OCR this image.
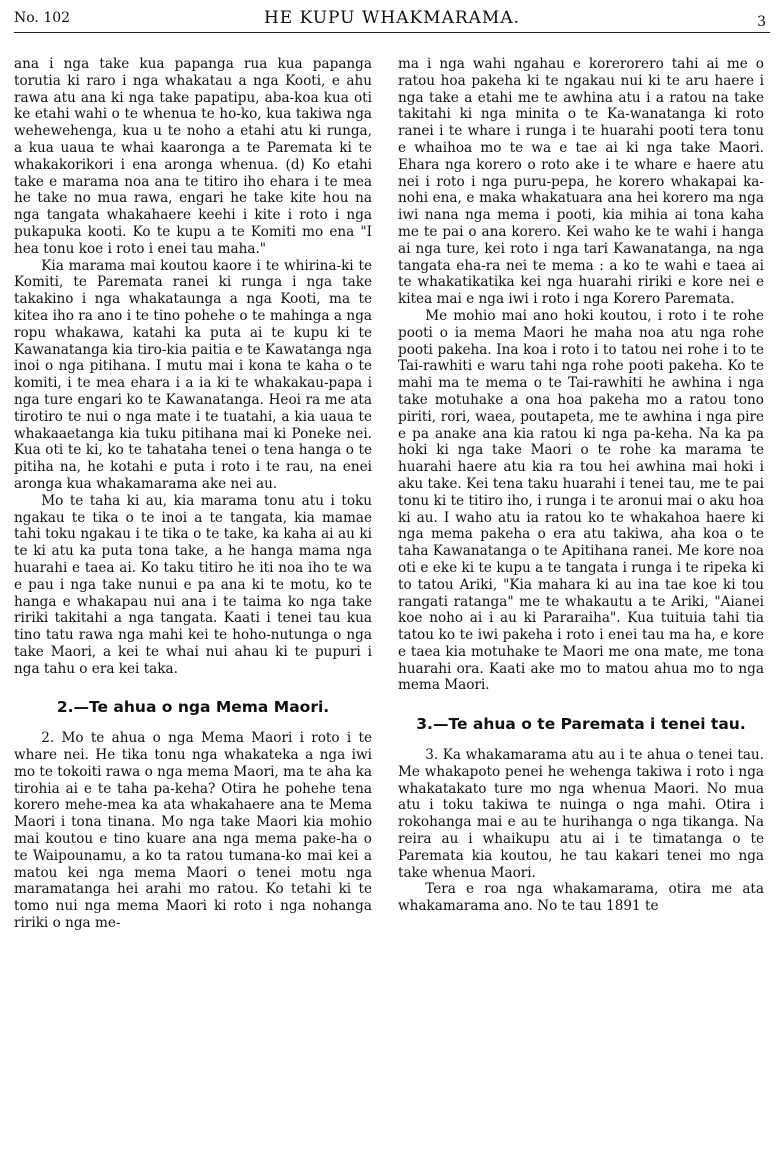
No. 102	HE KUPU WHAKMARAMA.	3

ana i nga take kua papanga rua kua papanga torutia ki raro i nga whakatau a nga Kooti, e ahu rawa atu ana ki nga take papatipu, aba-koa kua oti ke etahi wahi o te whenua te ho-ko, kua takiwa nga wehewehenga, kua u te noho a etahi atu ki runga, a kua uaua te whai kaaronga a te Paremata ki te whakakorikori i ena aronga whenua. (d) Ko etahi take e marama noa ana te titiro iho ehara i te mea he take no mua rawa, engari he take kite hou na nga tangata whakahaere keehi i kite i roto i nga pukapuka kooti. Ko te kupu a te Komiti mo ena "I hea tonu koe i roto i enei tau maha."

Kia marama mai koutou kaore i te whirina-ki te Komiti, te Paremata ranei ki runga i nga take takakino i nga whakataunga a nga Kooti, ma te kitea iho ra ano i te tino pohehe o te mahinga a nga ropu whakawa, katahi ka puta ai te kupu ki te Kawanatanga kia tiro-kia paitia e te Kawatanga nga inoi o nga pitihana. I mutu mai i kona te kaha o te komiti, i te mea ehara i a ia ki te whakakau-papa i nga ture engari ko te Kawanatanga. Heoi ra me ata tirotiro te nui o nga mate i te tuatahi, a kia uaua te whakaaetanga kia tuku pitihana mai ki Poneke nei. Kua oti te ki, ko te tahataha tenei o tena hanga o te pitiha na, he kotahi e puta i roto i te rau, na enei aronga kua whakamarama ake nei au.

Mo te taha ki au, kia marama tonu atu i toku ngakau te tika o te inoi a te tangata, kia mamae tahi toku ngakau i te tika o te take, ka kaha ai au ki te ki atu ka puta tona take, a he hanga mama nga huarahi e taea ai. Ko taku titiro he iti noa iho te wa e pau i nga take nunui e pa ana ki te motu, ko te hanga e whakapau nui ana i te taima ko nga take ririki takitahi a nga tangata. Kaati i tenei tau kua tino tatu rawa nga mahi kei te hoho-nutunga o nga take Maori, a kei te whai nui ahau ki te pupuri i nga tahu o era kei taka.

2.—Te ahua o nga Mema Maori.

2. Mo te ahua o nga Mema Maori i roto i te whare nei. He tika tonu nga whakateka a nga iwi mo te tokoiti rawa o nga mema Maori, ma te aha ka tirohia ai e te taha pa-keha? Otira he pohehe tena korero mehe-mea ka ata whakahaere ana te Mema Maori i tona tinana. Mo nga take Maori kia mohio mai koutou e tino kuare ana nga mema pake-ha o te Waipounamu, a ko ta ratou tumana-ko mai kei a matou kei nga mema Maori o tenei motu nga maramatanga hei arahi mo ratou. Ko tetahi ki te tomo nui nga mema Maori ki roto i nga nohanga ririki o nga me-

ma i nga wahi ngahau e korerorero tahi ai me o ratou hoa pakeha ki te ngakau nui ki te aru haere i nga take a etahi me te awhina atu i a ratou na take takitahi ki nga minita o te Ka-wanatanga ki roto ranei i te whare i runga i te huarahi pooti tera tonu e whaihoa mo te wa e tae ai ki nga take Maori. Ehara nga korero o roto ake i te whare e haere atu nei i roto i nga puru-pepa, he korero whakapai ka-nohi ena, e maka whakatuara ana hei korero ma nga iwi nana nga mema i pooti, kia mihia ai tona kaha me te pai o ana korero. Kei waho ke te wahi i hanga ai nga ture, kei roto i nga tari Kawanatanga, na nga tangata eha-ra nei te mema : a ko te wahi e taea ai te whakatikatika kei nga huarahi ririki e kore nei e kitea mai e nga iwi i roto i nga Korero Paremata.

Me mohio mai ano hoki koutou, i roto i te rohe pooti o ia mema Maori he maha noa atu nga rohe pooti pakeha. Ina koa i roto i to tatou nei rohe i to te Tai-rawhiti e waru tahi nga rohe pooti pakeha. Ko te mahi ma te mema o te Tai-rawhiti he awhina i nga take motuhake a ona hoa pakeha mo a ratou tono piriti, rori, waea, poutapeta, me te awhina i nga pire e pa anake ana kia ratou ki nga pa-keha. Na ka pa hoki ki nga take Maori o te rohe ka marama te huarahi haere atu kia ra tou hei awhina mai hoki i aku take. Kei tena taku huarahi i tenei tau, me te pai tonu ki te titiro iho, i runga i te aronui mai o aku hoa ki au. I waho atu ia ratou ko te whakahoa haere ki nga mema pakeha o era atu takiwa, aha koa o te taha Kawanatanga o te Apitihana ranei. Me kore noa oti e eke ki te kupu a te tangata i runga i te ripeka ki to tatou Ariki, "Kia mahara ki au ina tae koe ki tou rangati ratanga" me te whakautu a te Ariki, "Aianei koe noho ai i au ki Pararaiha". Kua tuituia tahi tia tatou ko te iwi pakeha i roto i enei tau ma ha, e kore e taea kia motuhake te Maori me ona mate, me tona huarahi ora. Kaati ake mo to matou ahua mo to nga mema Maori.

3.—Te ahua o te Paremata i tenei tau.

3. Ka whakamarama atu au i te ahua o tenei tau. Me whakapoto penei he wehenga takiwa i roto i nga whakatakato ture mo nga whenua Maori. No mua atu i toku takiwa te nuinga o nga mahi. Otira i rokohanga mai e au te hurihanga o nga tikanga. Na reira au i whaikupu atu ai i te timatanga o te Paremata kia koutou, he tau kakari tenei mo nga take whenua Maori.

Tera e roa nga whakamarama, otira me ata whakamarama ano. No te tau 1891 te
